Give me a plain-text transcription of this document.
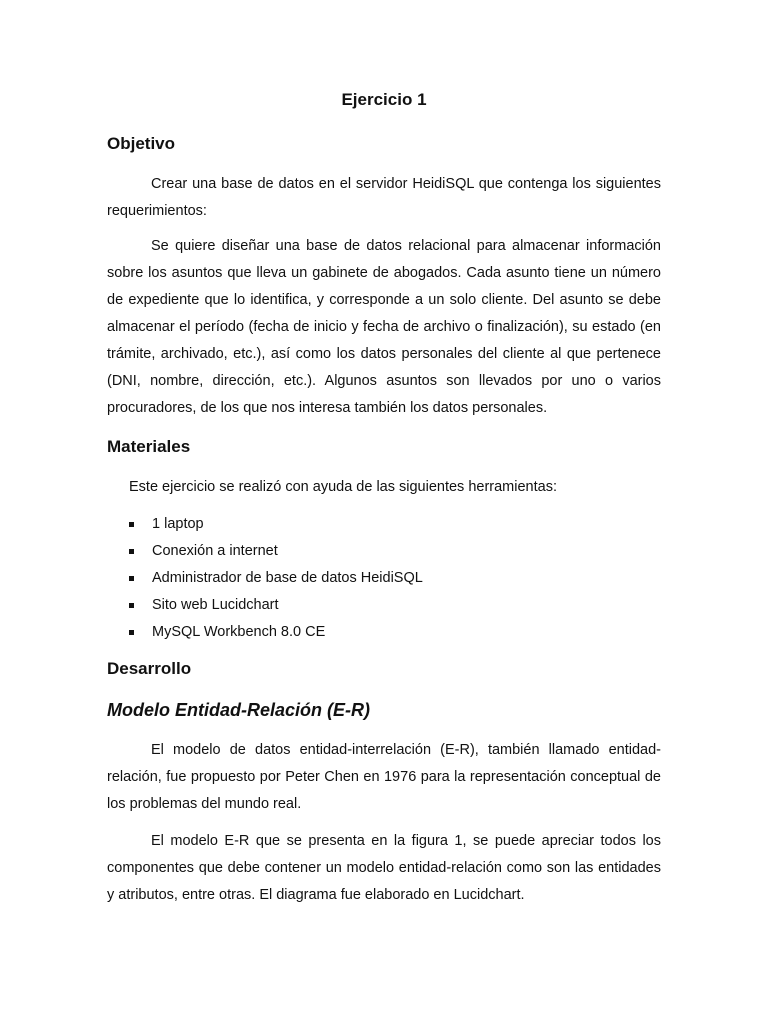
Ejercicio 1
Objetivo

Crear una base de datos en el servidor HeidiSQL que contenga los siguientes requerimientos:

Se quiere diseñar una base de datos relacional para almacenar información sobre los asuntos que lleva un gabinete de abogados. Cada asunto tiene un número de expediente que lo identifica, y corresponde a un solo cliente. Del asunto se debe almacenar el período (fecha de inicio y fecha de archivo o finalización), su estado (en trámite, archivado, etc.), así como los datos personales del cliente al que pertenece (DNI, nombre, dirección, etc.). Algunos asuntos son llevados por uno o varios procuradores, de los que nos interesa también los datos personales.

Materiales

Este ejercicio se realizó con ayuda de las siguientes herramientas:

1 laptop
Conexión a internet
Administrador de base de datos HeidiSQL
Sito web Lucidchart
MySQL Workbench 8.0 CE
Desarrollo
Modelo Entidad-Relación (E-R)

El modelo de datos entidad-interrelación (E-R), también llamado entidad-relación, fue propuesto por Peter Chen en 1976 para la representación conceptual de los problemas del mundo real.

El modelo E-R que se presenta en la figura 1, se puede apreciar todos los componentes que debe contener un modelo entidad-relación como son las entidades y atributos, entre otras. El diagrama fue elaborado en Lucidchart.
